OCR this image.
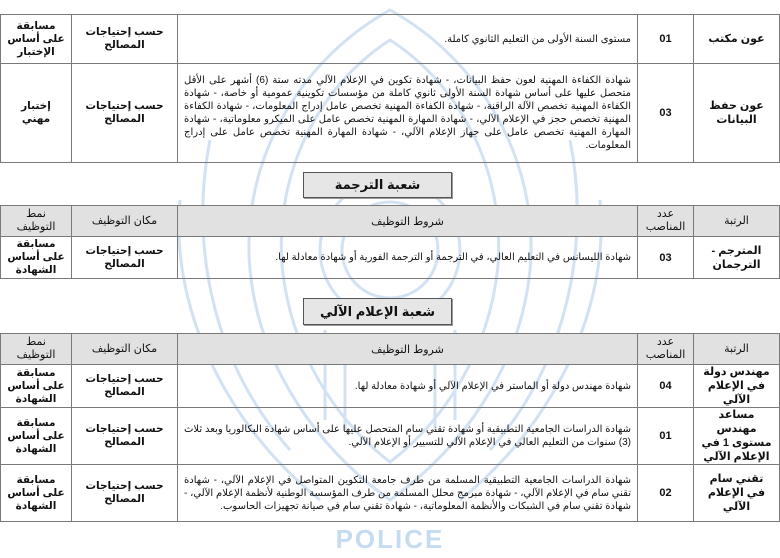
POLICE
عون مكتب	01	مستوى السنة الأولى من التعليم الثانوي كاملة.	حسب إحتياجات المصالح	مسابقة على أساس الإختبار
عون حفظ البيانات	03	شهادة الكفاءة المهنية لعون حفظ البيانات، - شهادة تكوين في الإعلام الآلي مدته ستة (6) أشهر على الأقل متحصل عليها على أساس شهادة السنة الأولى ثانوي كاملة من مؤسسات تكوينية عمومية أو خاصة، - شهادة الكفاءة المهنية تخصص الآلة الراقنة، - شهادة الكفاءة المهنية تخصص عامل إدراج المعلومات، - شهادة الكفاءة المهنية تخصص حجز في الإعلام الآلي، - شهادة المهارة المهنية تخصص عامل على الميكرو معلوماتية، - شهادة المهارة المهنية تخصص عامل على جهاز الإعلام الآلي، - شهادة المهارة المهنية تخصص عامل على إدراج المعلومات.	حسب إحتياجات المصالح	إختبار مهني
شعبة الترجمة
الرتبة	عدد المناصب	شروط التوظيف	مكان التوظيف	نمط التوظيف
المترجم - الترجمان	03	شهادة الليسانس في التعليم العالي، في الترجمة أو الترجمة الفورية أو شهادة معادلة لها.	حسب إحتياجات المصالح	مسابقة على أساس الشهادة
شعبة الإعلام الآلي
الرتبة	عدد المناصب	شروط التوظيف	مكان التوظيف	نمط التوظيف
مهندس دولة في الإعلام الآلي	04	شهادة مهندس دولة أو الماستر في الإعلام الآلي أو شهادة معادلة لها.	حسب إحتياجات المصالح	مسابقة على أساس الشهادة
مساعد مهندس مستوى 1 في الإعلام الآلي	01	شهادة الدراسات الجامعية التطبيقية أو شهادة تقني سام المتحصل عليها على أساس شهادة البكالوريا وبعد ثلاث (3) سنوات من التعليم العالي في الإعلام الآلي للتسيير أو الإعلام الآلي.	حسب إحتياجات المصالح	مسابقة على أساس الشهادة
تقني سام في الإعلام الآلي	02	شهادة الدراسات الجامعية التطبيقية المسلمة من طرف جامعة التكوين المتواصل في الإعلام الآلي، - شهادة تقني سام في الإعلام الآلي، - شهادة مبرمج محلل المسلمة من طرف المؤسسة الوطنية لأنظمة الإعلام الآلي، - شهادة تقني سام في الشبكات والأنظمة المعلوماتية، - شهادة تقني سام في صيانة تجهيزات الحاسوب.	حسب إحتياجات المصالح	مسابقة على أساس الشهادة
